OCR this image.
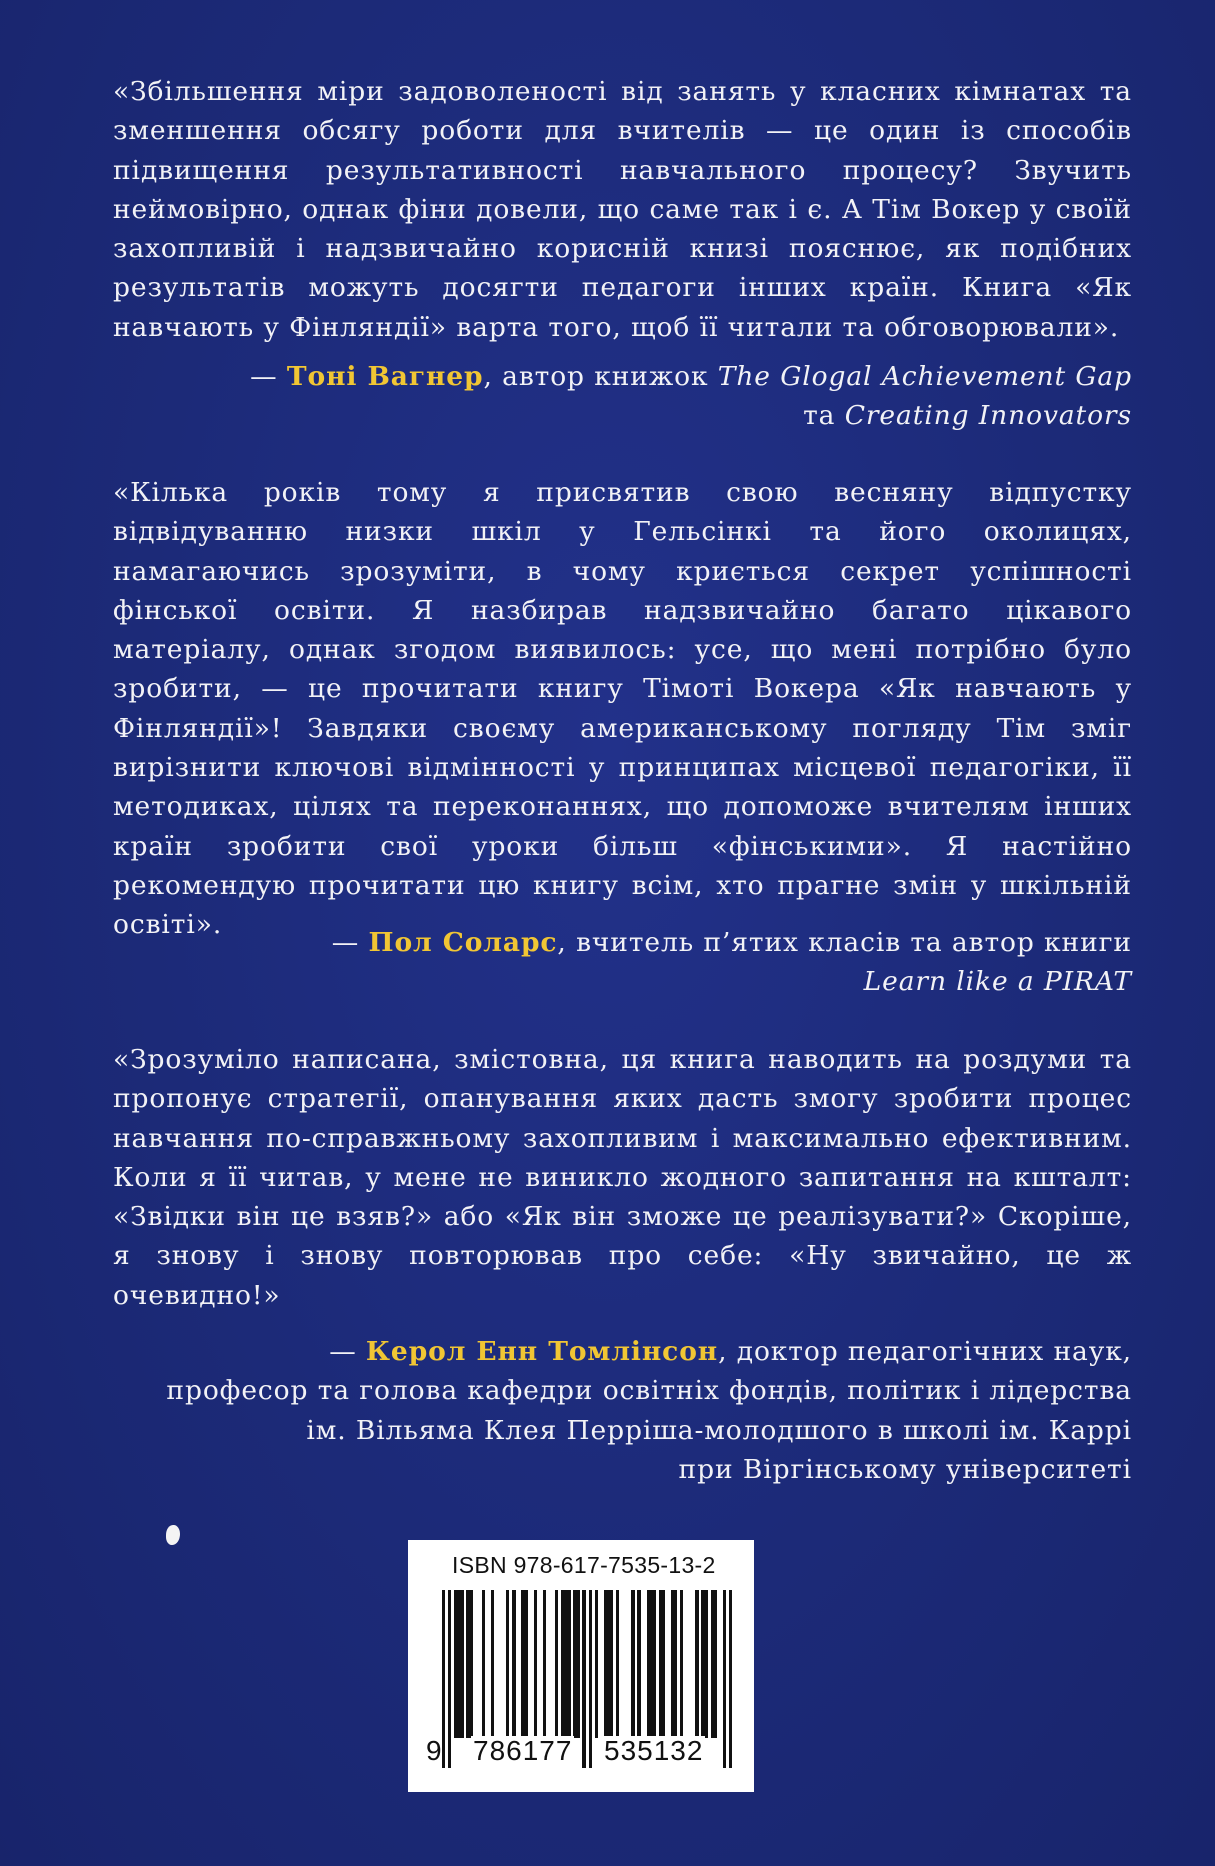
«Збільшення міри задоволеності від занять у класних кімнатах та зменшення обсягу роботи для вчителів — це один із способів підвищення результативності навчального процесу? Звучить неймовірно, однак фіни довели, що саме так і є. А Тім Вокер у своїй захопливій і надзвичайно корисній книзі пояснює, як подібних результатів можуть досягти педагоги інших країн. Книга «Як навчають у Фінляндії» варта того, щоб її читали та обговорювали».

— Тоні Вагнер, автор книжок The Glogal Achievement Gap
та Creating Innovators

«Кілька років тому я присвятив свою весняну відпустку відвідуванню низки шкіл у Гельсінкі та його околицях, намагаючись зрозуміти, в чому криється секрет успішності фінської освіти. Я назбирав надзвичайно багато цікавого матеріалу, однак згодом виявилось: усе, що мені потрібно було зробити, — це прочитати книгу Тімоті Вокера «Як навчають у Фінляндії»! Завдяки своєму американському погляду Тім зміг вирізнити ключові відмінності у принципах місцевої педагогіки, її методиках, цілях та переконаннях, що допоможе вчителям інших країн зробити свої уроки більш «фінськими». Я настійно рекомендую прочитати цю книгу всім, хто прагне змін у шкільній освіті».

— Пол Соларс, вчитель п’ятих класів та автор книги
Learn like a PIRAT

«Зрозуміло написана, змістовна, ця книга наводить на роздуми та пропонує стратегії, опанування яких дасть змогу зробити процес навчання по-справжньому захопливим і максимально ефективним. Коли я її читав, у мене не виникло жодного запитання на кшталт: «Звідки він це взяв?» або «Як він зможе це реалізувати?» Скоріше, я знову і знову повторював про себе: «Ну звичайно, це ж очевидно!»

— Керол Енн Томлінсон, доктор педагогічних наук,
професор та голова кафедри освітніх фондів, політик і лідерства
ім. Вільяма Клея Перріша-молодшого в школі ім. Каррі
при Віргінському університеті
ISBN 978-617-7535-13-2
9 786177 535132
